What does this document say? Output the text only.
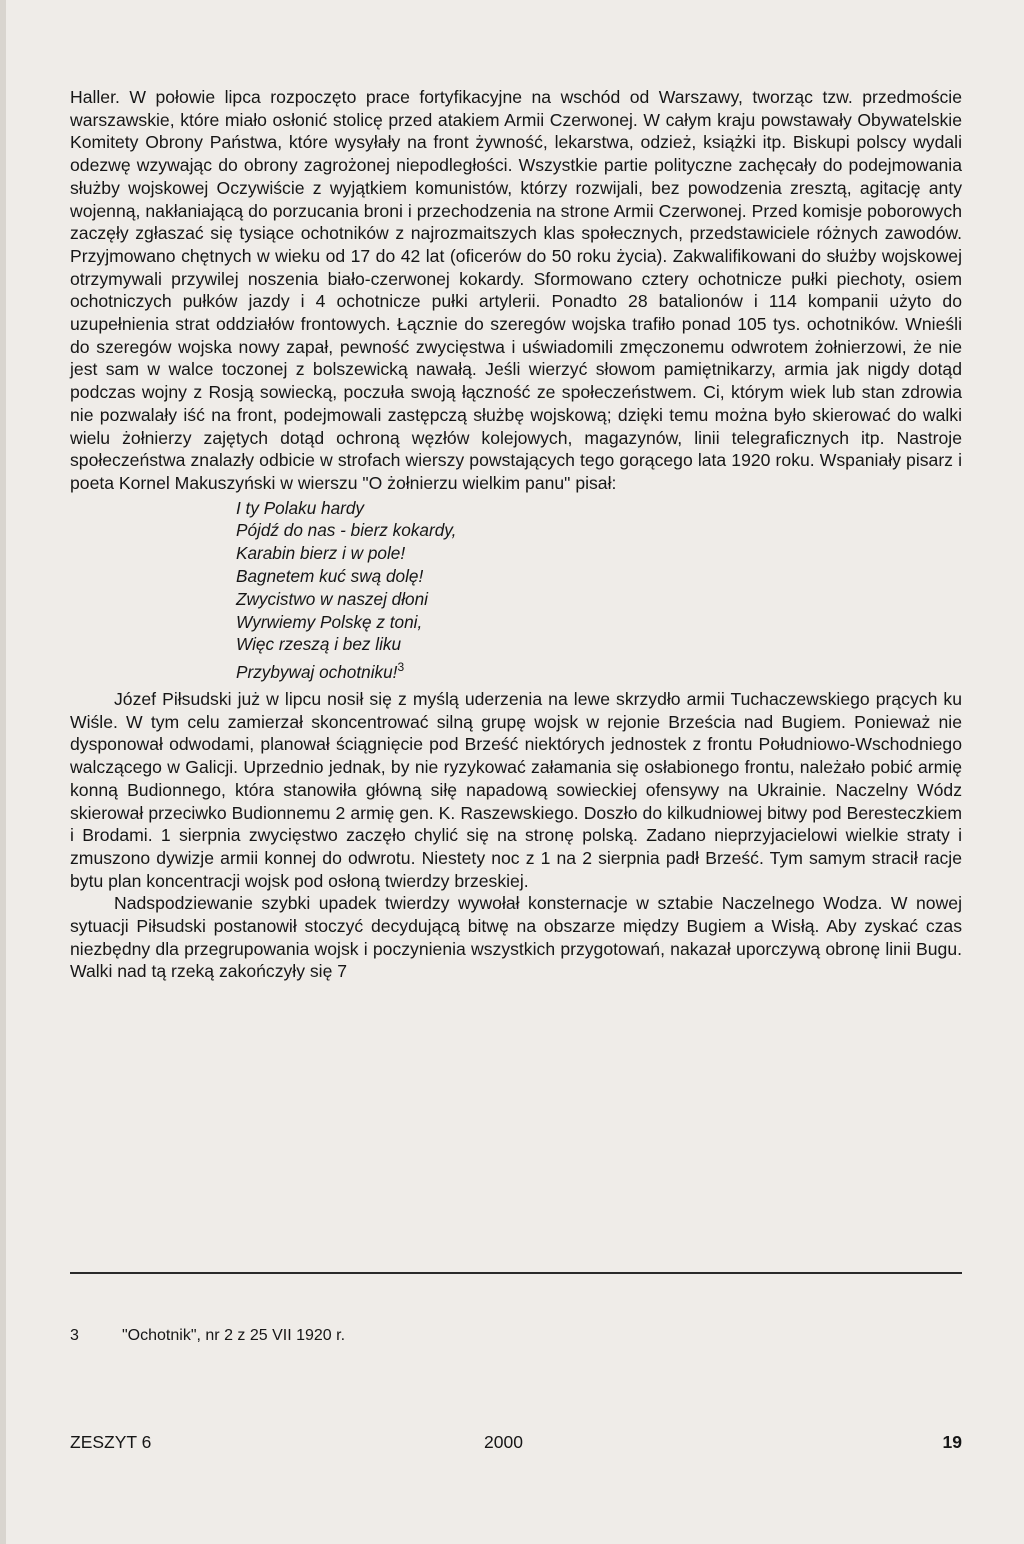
Haller. W połowie lipca rozpoczęto prace fortyfikacyjne na wschód od Warszawy, tworząc tzw. przedmoście warszawskie, które miało osłonić stolicę przed atakiem Armii Czerwonej. W całym kraju powstawały Obywatelskie Komitety Obrony Państwa, które wysyłały na front żywność, lekarstwa, odzież, książki itp. Biskupi polscy wydali odezwę wzywając do obrony zagrożonej niepodległości. Wszystkie partie polityczne zachęcały do podejmowania służby wojskowej Oczywiście z wyjątkiem komunistów, którzy rozwijali, bez powodzenia zresztą, agitację anty wojenną, nakłaniającą do porzucania broni i przechodzenia na strone Armii Czerwonej. Przed komisje poborowych zaczęły zgłaszać się tysiące ochotników z najrozmaitszych klas społecznych, przedstawiciele różnych zawodów. Przyjmowano chętnych w wieku od 17 do 42 lat (oficerów do 50 roku życia). Zakwalifikowani do służby wojskowej otrzymywali przywilej noszenia biało-czerwonej kokardy. Sformowano cztery ochotnicze pułki piechoty, osiem ochotniczych pułków jazdy i 4 ochotnicze pułki artylerii. Ponadto 28 batalionów i 114 kompanii użyto do uzupełnienia strat oddziałów frontowych. Łącznie do szeregów wojska trafiło ponad 105 tys. ochotników. Wnieśli do szeregów wojska nowy zapał, pewność zwycięstwa i uświadomili zmęczonemu odwrotem żołnierzowi, że nie jest sam w walce toczonej z bolszewicką nawałą. Jeśli wierzyć słowom pamiętnikarzy, armia jak nigdy dotąd podczas wojny z Rosją sowiecką, poczuła swoją łączność ze społeczeństwem. Ci, którym wiek lub stan zdrowia nie pozwalały iść na front, podejmowali zastępczą służbę wojskową; dzięki temu można było skierować do walki wielu żołnierzy zajętych dotąd ochroną węzłów kolejowych, magazynów, linii telegraficznych itp. Nastroje społeczeństwa znalazły odbicie w strofach wierszy powstających tego gorącego lata 1920 roku. Wspaniały pisarz i poeta Kornel Makuszyński w wierszu "O żołnierzu wielkim panu" pisał:

I ty Polaku hardy
Pójdź do nas - bierz kokardy,
Karabin bierz i w pole!
Bagnetem kuć swą dolę!
Zwycistwo w naszej dłoni
Wyrwiemy Polskę z toni,
Więc rzeszą i bez liku
Przybywaj ochotniku!$^3$

Józef Piłsudski już w lipcu nosił się z myślą uderzenia na lewe skrzydło armii Tuchaczewskiego prących ku Wiśle. W tym celu zamierzał skoncentrować silną grupę wojsk w rejonie Brześcia nad Bugiem. Ponieważ nie dysponował odwodami, planował ściągnięcie pod Brześć niektórych jednostek z frontu Południowo-Wschodniego walczącego w Galicji. Uprzednio jednak, by nie ryzykować załamania się osłabionego frontu, należało pobić armię konną Budionnego, która stanowiła główną siłę napadową sowieckiej ofensywy na Ukrainie. Naczelny Wódz skierował przeciwko Budionnemu 2 armię gen. K. Raszewskiego. Doszło do kilkudniowej bitwy pod Beresteczkiem i Brodami. 1 sierpnia zwycięstwo zaczęło chylić się na stronę polską. Zadano nieprzyjacielowi wielkie straty i zmuszono dywizje armii konnej do odwrotu. Niestety noc z 1 na 2 sierpnia padł Brześć. Tym samym stracił racje bytu plan koncentracji wojsk pod osłoną twierdzy brzeskiej.

Nadspodziewanie szybki upadek twierdzy wywołał konsternacje w sztabie Naczelnego Wodza. W nowej sytuacji Piłsudski postanowił stoczyć decydującą bitwę na obszarze między Bugiem a Wisłą. Aby zyskać czas niezbędny dla przegrupowania wojsk i poczynienia wszystkich przygotowań, nakazał uporczywą obronę linii Bugu. Walki nad tą rzeką zakończyły się 7

3	"Ochotnik", nr 2 z 25 VII 1920 r.
ZESZYT 6	2000	19
